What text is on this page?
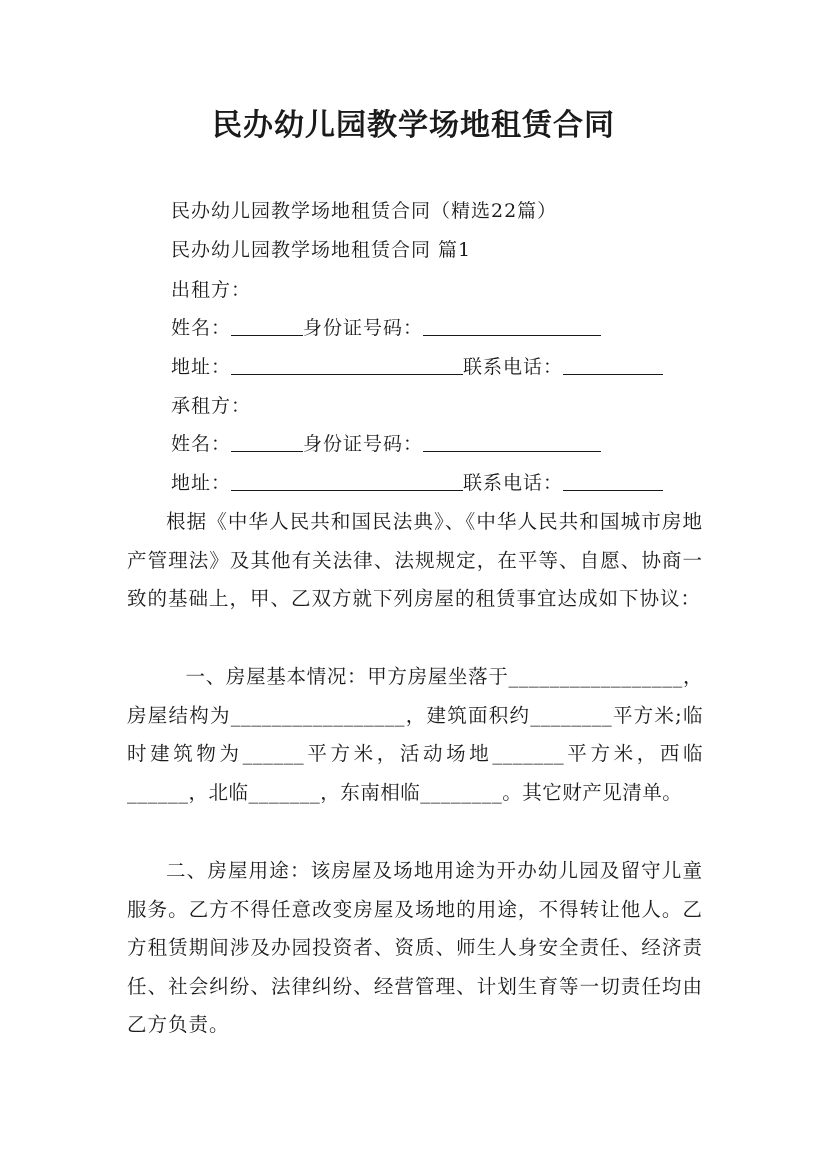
民办幼儿园教学场地租赁合同
民办幼儿园教学场地租赁合同（精选22篇）
民办幼儿园教学场地租赁合同 篇1
出租方：
姓名：	身份证号码：
地址：	联系电话：
承租方：
姓名：	身份证号码：
地址：	联系电话：
根据《中华人民共和国民法典》、《中华人民共和国城市房地产管理法》及其他有关法律、法规规定，在平等、自愿、协商一致的基础上，甲、乙双方就下列房屋的租赁事宜达成如下协议：
一、房屋基本情况：甲方房屋坐落于_________________，房屋结构为_________________，建筑面积约________平方米;临时建筑物为______平方米，活动场地_______平方米，西临______，北临_______，东南相临________。其它财产见清单。
二、房屋用途：该房屋及场地用途为开办幼儿园及留守儿童服务。乙方不得任意改变房屋及场地的用途，不得转让他人。乙方租赁期间涉及办园投资者、资质、师生人身安全责任、经济责任、社会纠纷、法律纠纷、经营管理、计划生育等一切责任均由乙方负责。
